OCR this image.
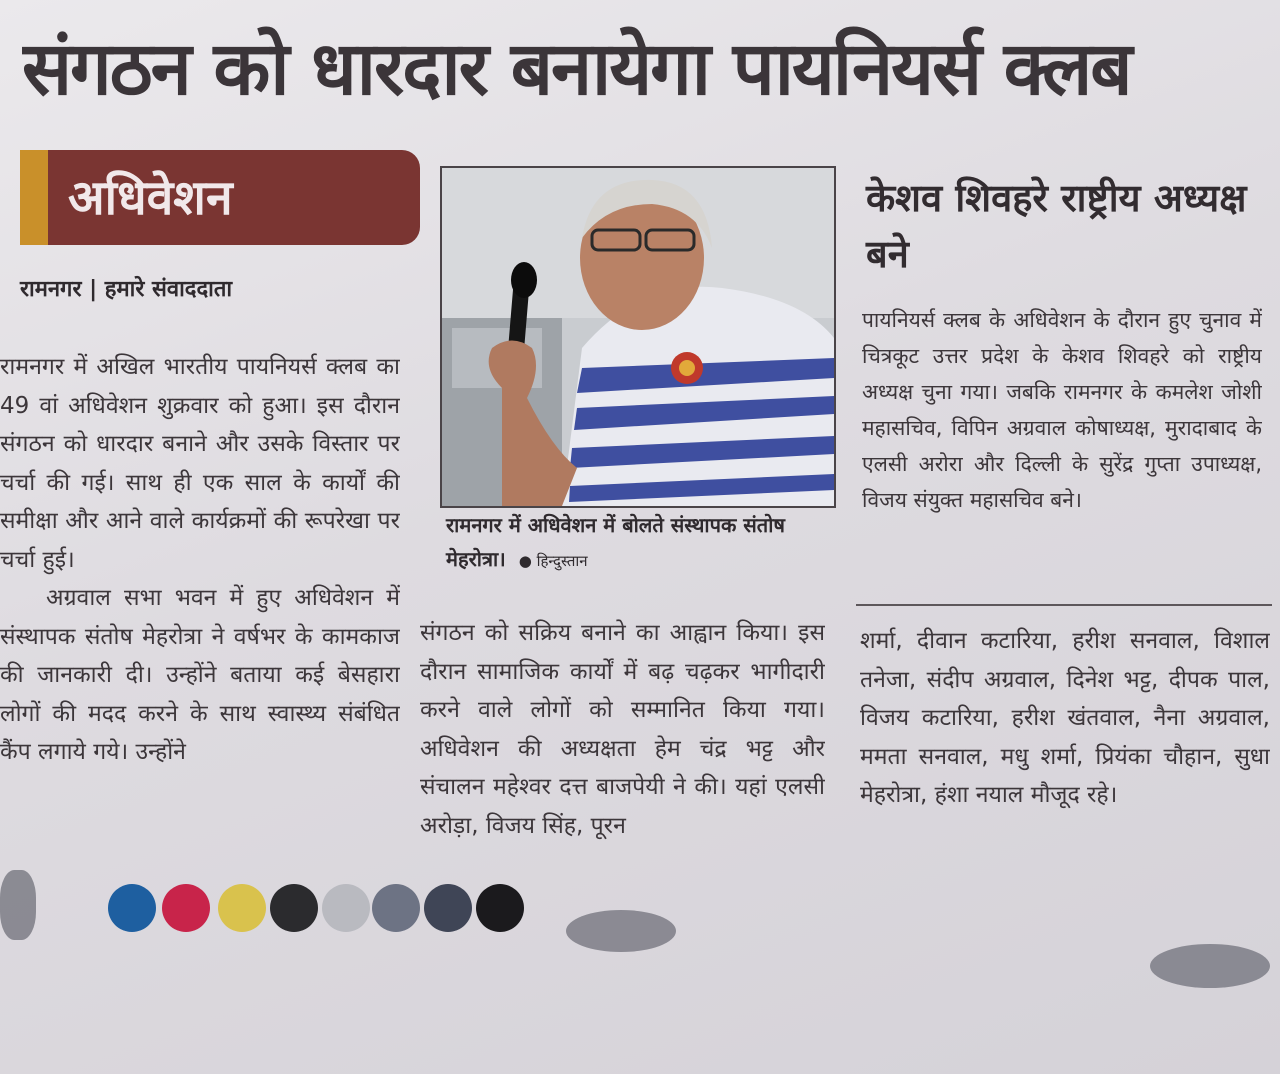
संगठन को धारदार बनायेगा पायनियर्स क्लब
अधिवेशन
रामनगर | हमारे संवाददाता

रामनगर में अखिल भारतीय पायनियर्स क्लब का 49 वां अधिवेशन शुक्रवार को हुआ। इस दौरान संगठन को धारदार बनाने और उसके विस्तार पर चर्चा की गई। साथ ही एक साल के कार्यों की समीक्षा और आने वाले कार्यक्रमों की रूपरेखा पर चर्चा हुई।

अग्रवाल सभा भवन में हुए अधिवेशन में संस्थापक संतोष मेहरोत्रा ने वर्षभर के कामकाज की जानकारी दी। उन्होंने बताया कई बेसहारा लोगों की मदद करने के साथ स्वास्थ्य संबंधित कैंप लगाये गये। उन्होंने

रामनगर में अधिवेशन में बोलते संस्थापक संतोष मेहरोत्रा। ● हिन्दुस्तान

संगठन को सक्रिय बनाने का आह्वान किया। इस दौरान सामाजिक कार्यों में बढ़ चढ़कर भागीदारी करने वाले लोगों को सम्मानित किया गया। अधिवेशन की अध्यक्षता हेम चंद्र भट्ट और संचालन महेश्वर दत्त बाजपेयी ने की। यहां एलसी अरोड़ा, विजय सिंह, पूरन

केशव शिवहरे राष्ट्रीय अध्यक्ष बने

पायनियर्स क्लब के अधिवेशन के दौरान हुए चुनाव में चित्रकूट उत्तर प्रदेश के केशव शिवहरे को राष्ट्रीय अध्यक्ष चुना गया। जबकि रामनगर के कमलेश जोशी महासचिव, विपिन अग्रवाल कोषाध्यक्ष, मुरादाबाद के एलसी अरोरा और दिल्ली के सुरेंद्र गुप्ता उपाध्यक्ष, विजय संयुक्त महासचिव बने।

शर्मा, दीवान कटारिया, हरीश सनवाल, विशाल तनेजा, संदीप अग्रवाल, दिनेश भट्ट, दीपक पाल, विजय कटारिया, हरीश खंतवाल, नैना अग्रवाल, ममता सनवाल, मधु शर्मा, प्रियंका चौहान, सुधा मेहरोत्रा, हंशा नयाल मौजूद रहे।
